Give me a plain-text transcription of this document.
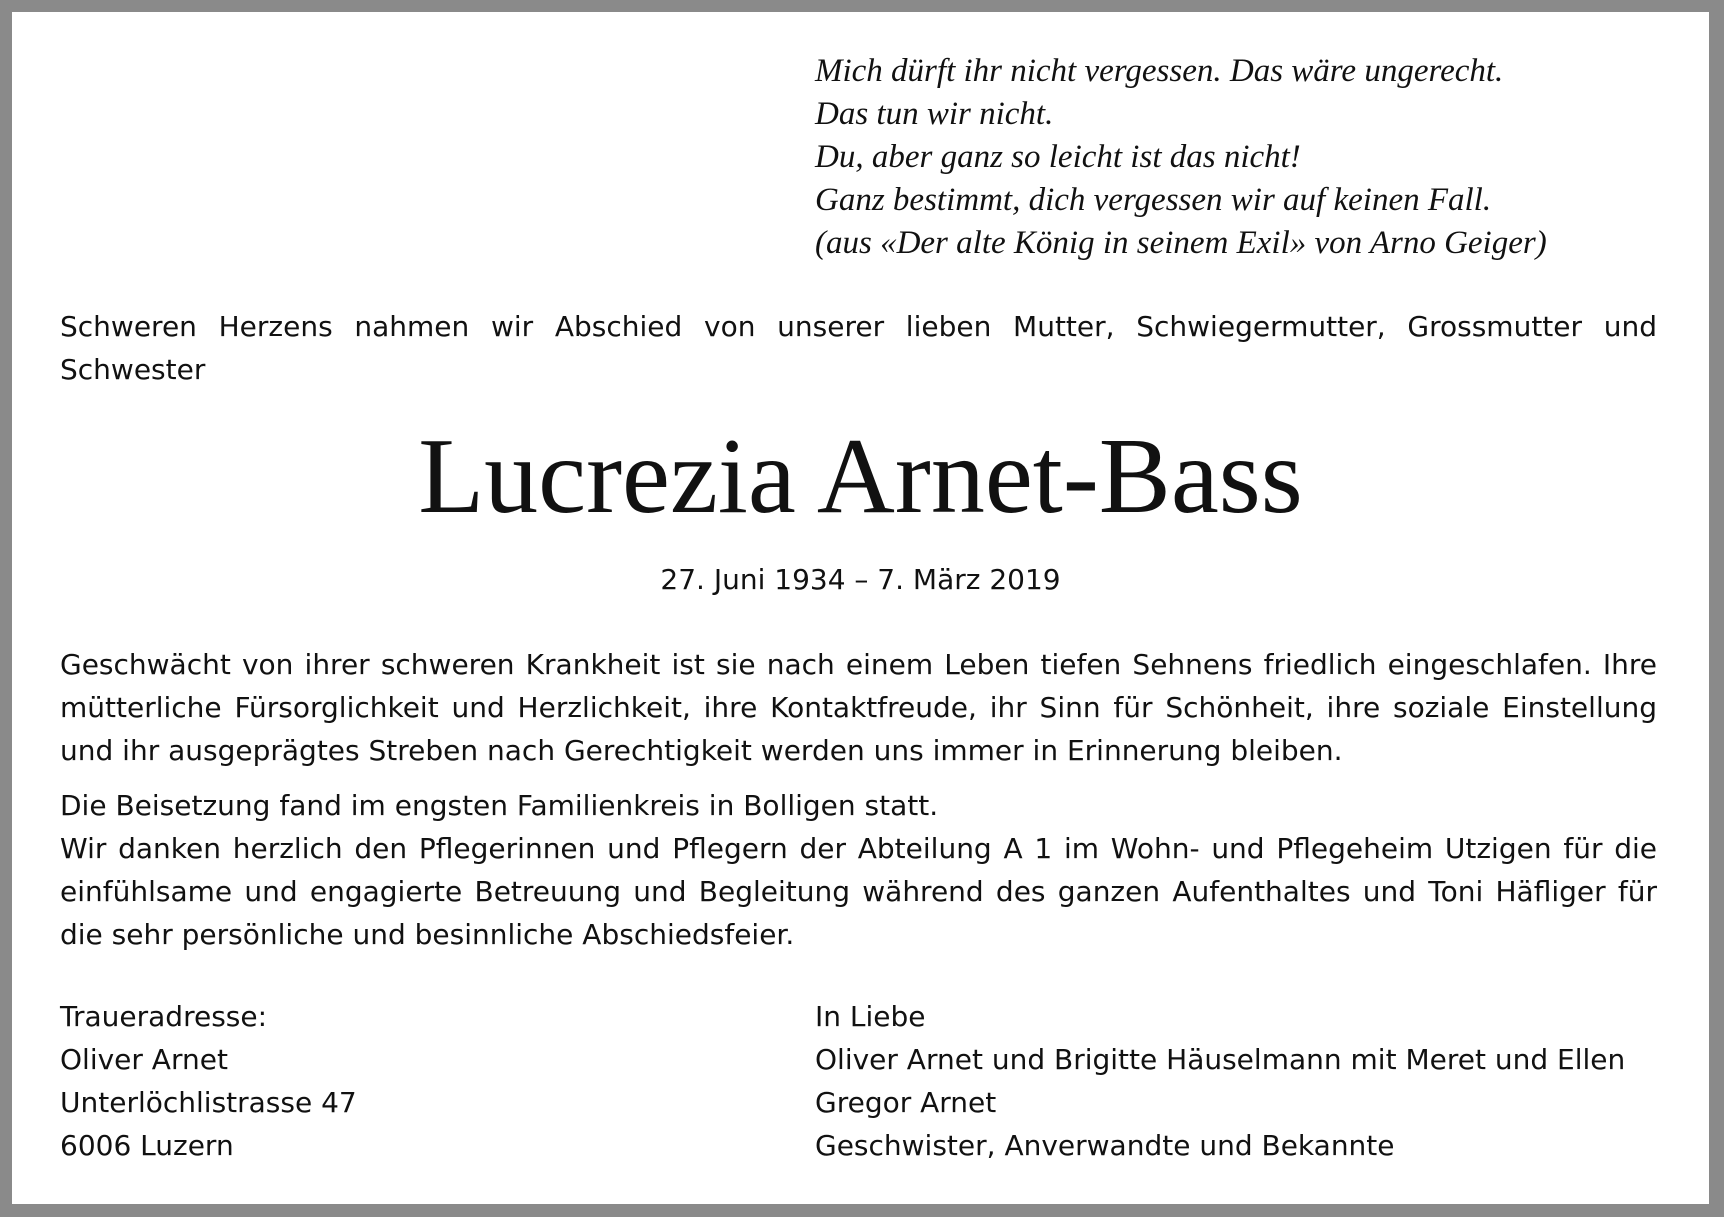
Mich dürft ihr nicht vergessen. Das wäre ungerecht.
Das tun wir nicht.
Du, aber ganz so leicht ist das nicht!
Ganz bestimmt, dich vergessen wir auf keinen Fall.
(aus «Der alte König in seinem Exil» von Arno Geiger)
Schweren Herzens nahmen wir Abschied von unserer lieben Mutter, Schwiegermutter, Grossmutter und Schwester
Lucrezia Arnet-Bass
27. Juni 1934 – 7. März 2019
Geschwächt von ihrer schweren Krankheit ist sie nach einem Leben tiefen Sehnens friedlich eingeschlafen. Ihre mütterliche Fürsorglichkeit und Herzlichkeit, ihre Kontaktfreude, ihr Sinn für Schönheit, ihre soziale Einstellung und ihr ausgeprägtes Streben nach Gerechtigkeit werden uns immer in Erinnerung bleiben.
Die Beisetzung fand im engsten Familienkreis in Bolligen statt.
Wir danken herzlich den Pflegerinnen und Pflegern der Abteilung A 1 im Wohn- und Pflegeheim Utzigen für die einfühlsame und engagierte Betreuung und Begleitung während des ganzen Aufenthaltes und Toni Häfliger für die sehr persönliche und besinnliche Abschiedsfeier.
Traueradresse:
Oliver Arnet
Unterlöchlistrasse 47
6006 Luzern
In Liebe
Oliver Arnet und Brigitte Häuselmann mit Meret und Ellen
Gregor Arnet
Geschwister, Anverwandte und Bekannte
